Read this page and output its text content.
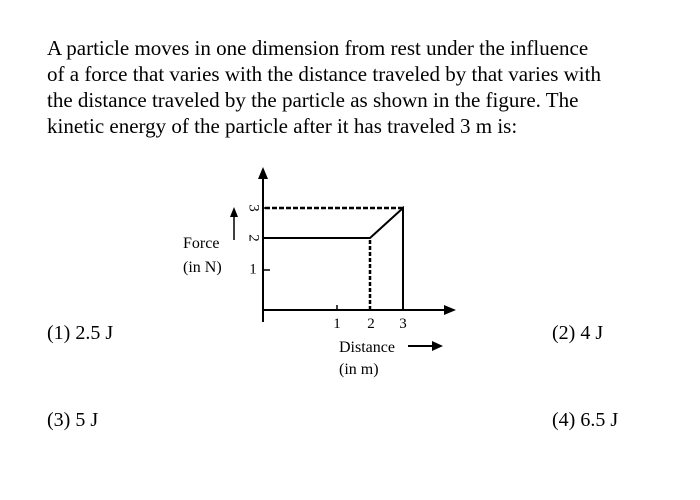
A particle moves in one dimension from rest under the influence
of a force that varies with the distance traveled by that varies with
the distance traveled by the particle as shown in the figure. The
kinetic energy of the particle after it has traveled 3 m is:
1
2
3
1 2 3
Force
(in N)
Distance
(in m)
(1) 2.5 J	(2) 4 J
(3) 5 J	(4) 6.5 J
